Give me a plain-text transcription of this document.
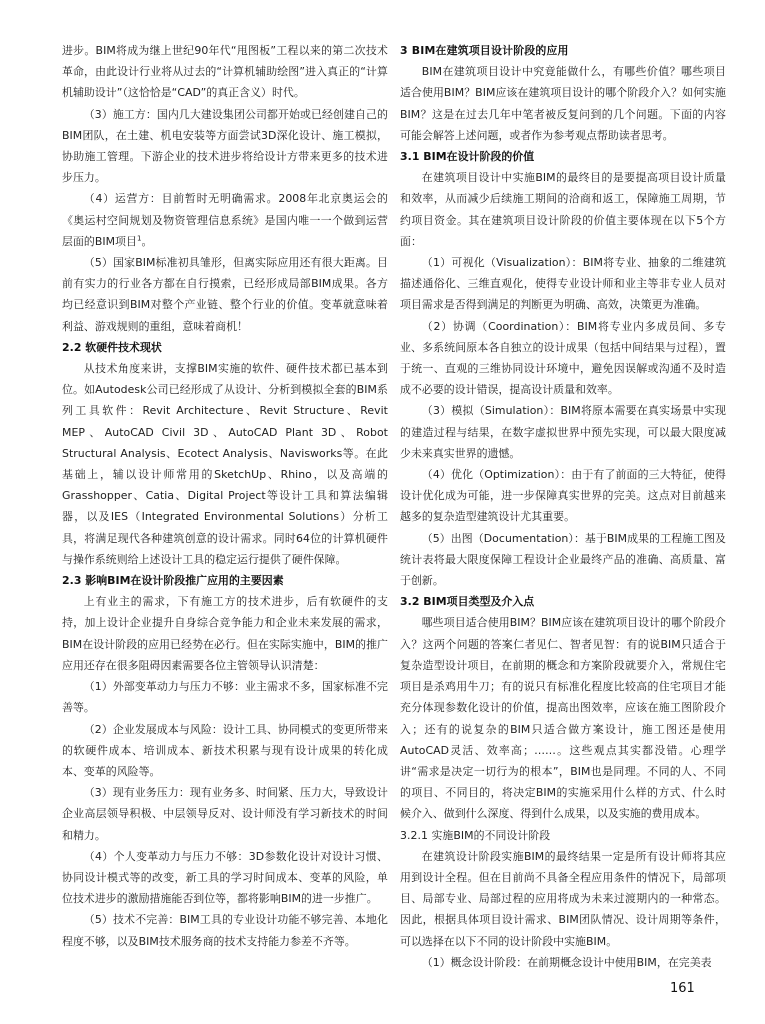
进步。BIM将成为继上世纪90年代“甩图板”工程以来的第二次技术革命，由此设计行业将从过去的“计算机辅助绘图”进入真正的“计算机辅助设计”（这恰恰是“CAD”的真正含义）时代。

（3）施工方：国内几大建设集团公司都开始或已经创建自己的BIM团队，在土建、机电安装等方面尝试3D深化设计、施工模拟，协助施工管理。下游企业的技术进步将给设计方带来更多的技术进步压力。

（4）运营方：目前暂时无明确需求。2008年北京奥运会的《奥运村空间规划及物资管理信息系统》是国内唯一一个做到运营层面的BIM项目$^1$。

（5）国家BIM标准初具雏形，但离实际应用还有很大距离。目前有实力的行业各方都在自行摸索，已经形成局部BIM成果。各方均已经意识到BIM对整个产业链、整个行业的价值。变革就意味着利益、游戏规则的重组，意味着商机！

2.2 软硬件技术现状

从技术角度来讲，支撑BIM实施的软件、硬件技术都已基本到位。如Autodesk公司已经形成了从设计、分析到模拟全套的BIM系列工具软件：Revit Architecture、Revit Structure、Revit MEP、AutoCAD Civil 3D、AutoCAD Plant 3D、Robot Structural Analysis、Ecotect Analysis、Navisworks等。在此基础上，辅以设计师常用的SketchUp、Rhino，以及高端的Grasshopper、Catia、Digital Project等设计工具和算法编辑器，以及IES（Integrated Environmental Solutions）分析工具，将满足现代各种建筑创意的设计需求。同时64位的计算机硬件与操作系统则给上述设计工具的稳定运行提供了硬件保障。

2.3 影响BIM在设计阶段推广应用的主要因素

上有业主的需求，下有施工方的技术进步，后有软硬件的支持，加上设计企业提升自身综合竞争能力和企业未来发展的需求，BIM在设计阶段的应用已经势在必行。但在实际实施中，BIM的推广应用还存在很多阻碍因素需要各位主管领导认识清楚：

（1）外部变革动力与压力不够：业主需求不多，国家标准不完善等。

（2）企业发展成本与风险：设计工具、协同模式的变更所带来的软硬件成本、培训成本、新技术积累与现有设计成果的转化成本、变革的风险等。

（3）现有业务压力：现有业务多、时间紧、压力大，导致设计企业高层领导积极、中层领导反对、设计师没有学习新技术的时间和精力。

（4）个人变革动力与压力不够：3D参数化设计对设计习惯、协同设计模式等的改变，新工具的学习时间成本、变革的风险，单位技术进步的激励措施能否到位等，都将影响BIM的进一步推广。

（5）技术不完善：BIM工具的专业设计功能不够完善、本地化程度不够，以及BIM技术服务商的技术支持能力参差不齐等。

3 BIM在建筑项目设计阶段的应用

BIM在建筑项目设计中究竟能做什么，有哪些价值？哪些项目适合使用BIM？BIM应该在建筑项目设计的哪个阶段介入？如何实施BIM？这是在过去几年中笔者被反复问到的几个问题。下面的内容可能会解答上述问题，或者作为参考观点帮助读者思考。

3.1 BIM在设计阶段的价值

在建筑项目设计中实施BIM的最终目的是要提高项目设计质量和效率，从而减少后续施工期间的洽商和返工，保障施工周期，节约项目资金。其在建筑项目设计阶段的价值主要体现在以下5个方面：

（1）可视化（Visualization）：BIM将专业、抽象的二维建筑描述通俗化、三维直观化，使得专业设计师和业主等非专业人员对项目需求是否得到满足的判断更为明确、高效，决策更为准确。

（2）协调（Coordination）：BIM将专业内多成员间、多专业、多系统间原本各自独立的设计成果（包括中间结果与过程），置于统一、直观的三维协同设计环境中，避免因误解或沟通不及时造成不必要的设计错误，提高设计质量和效率。

（3）模拟（Simulation）：BIM将原本需要在真实场景中实现的建造过程与结果，在数字虚拟世界中预先实现，可以最大限度减少未来真实世界的遗憾。

（4）优化（Optimization）：由于有了前面的三大特征，使得设计优化成为可能，进一步保障真实世界的完美。这点对目前越来越多的复杂造型建筑设计尤其重要。

（5）出图（Documentation）：基于BIM成果的工程施工图及统计表将最大限度保障工程设计企业最终产品的准确、高质量、富于创新。

3.2 BIM项目类型及介入点

哪些项目适合使用BIM？BIM应该在建筑项目设计的哪个阶段介入？这两个问题的答案仁者见仁、智者见智：有的说BIM只适合于复杂造型设计项目，在前期的概念和方案阶段就要介入，常规住宅项目是杀鸡用牛刀；有的说只有标准化程度比较高的住宅项目才能充分体现参数化设计的价值，提高出图效率，应该在施工图阶段介入；还有的说复杂的BIM只适合做方案设计，施工图还是使用AutoCAD灵活、效率高；……。这些观点其实都没错。心理学讲“需求是决定一切行为的根本”，BIM也是同理。不同的人、不同的项目、不同目的，将决定BIM的实施采用什么样的方式、什么时候介入、做到什么深度、得到什么成果，以及实施的费用成本。

3.2.1 实施BIM的不同设计阶段

在建筑设计阶段实施BIM的最终结果一定是所有设计师将其应用到设计全程。但在目前尚不具备全程应用条件的情况下，局部项目、局部专业、局部过程的应用将成为未来过渡期内的一种常态。因此，根据具体项目设计需求、BIM团队情况、设计周期等条件，可以选择在以下不同的设计阶段中实施BIM。

（1）概念设计阶段：在前期概念设计中使用BIM，在完美表

161
